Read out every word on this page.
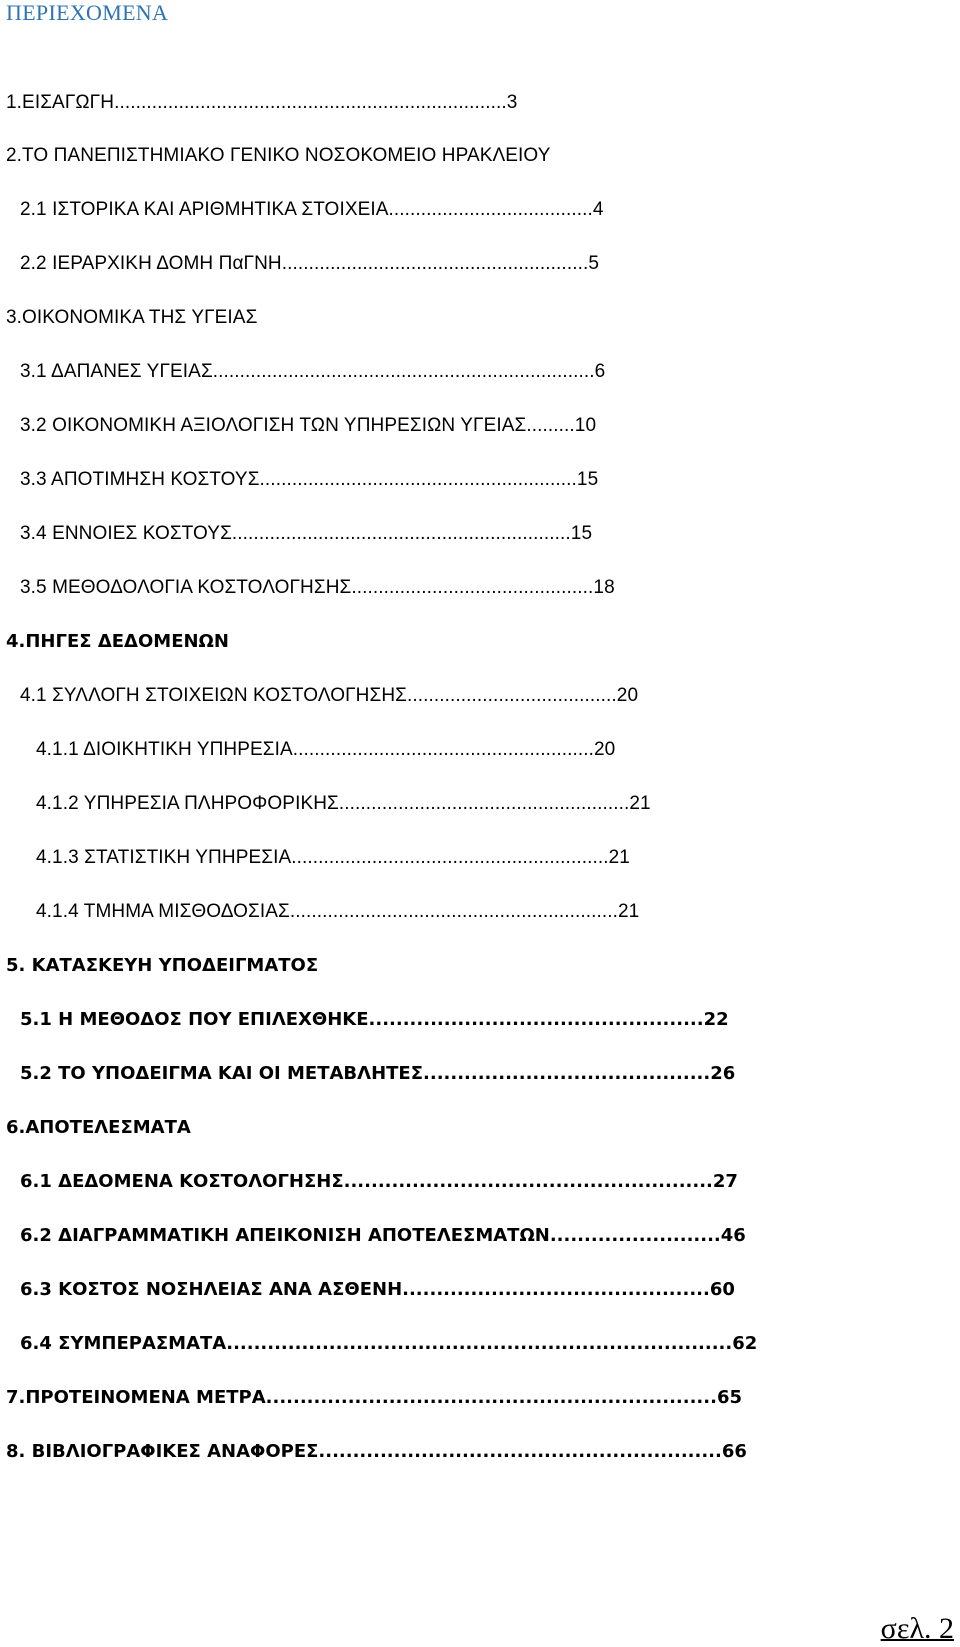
ΠΕΡΙΕΧΟΜΕΝΑ
1.ΕΙΣΑΓΩΓΗ.........................................................................3
2.ΤΟ ΠΑΝΕΠΙΣΤΗΜΙΑΚΟ ΓΕΝΙΚΟ ΝΟΣΟΚΟΜΕΙΟ ΗΡΑΚΛΕΙΟΥ
2.1 ΙΣΤΟΡΙΚΑ ΚΑΙ ΑΡΙΘΜΗΤΙΚΑ ΣΤΟΙΧΕΙΑ......................................4
2.2 ΙΕΡΑΡΧΙΚΗ ΔΟΜΗ ΠαΓΝΗ.........................................................5
3.ΟΙΚΟΝΟΜΙΚΑ ΤΗΣ ΥΓΕΙΑΣ
3.1 ΔΑΠΑΝΕΣ ΥΓΕΙΑΣ.......................................................................6
3.2 ΟΙΚΟΝΟΜΙΚΗ ΑΞΙΟΛΟΓΙΣΗ ΤΩΝ ΥΠΗΡΕΣΙΩΝ ΥΓΕΙΑΣ.........10
3.3 ΑΠΟΤΙΜΗΣΗ ΚΟΣΤΟΥΣ...........................................................15
3.4 ΕΝΝΟΙΕΣ ΚΟΣΤΟΥΣ...............................................................15
3.5 ΜΕΘΟΔΟΛΟΓΙΑ ΚΟΣΤΟΛΟΓΗΣΗΣ.............................................18
4.ΠΗΓΕΣ ΔΕΔΟΜΕΝΩΝ
4.1 ΣΥΛΛΟΓΗ ΣΤΟΙΧΕΙΩΝ ΚΟΣΤΟΛΟΓΗΣΗΣ.......................................20
4.1.1 ΔΙΟΙΚΗΤΙΚΗ ΥΠΗΡΕΣΙΑ........................................................20
4.1.2 ΥΠΗΡΕΣΙΑ ΠΛΗΡΟΦΟΡΙΚΗΣ......................................................21
4.1.3 ΣΤΑΤΙΣΤΙΚΗ ΥΠΗΡΕΣΙΑ...........................................................21
4.1.4 ΤΜΗΜΑ ΜΙΣΘΟΔΟΣΙΑΣ.............................................................21
5. ΚΑΤΑΣΚΕΥΗ ΥΠΟΔΕΙΓΜΑΤΟΣ
5.1 Η ΜΕΘΟΔΟΣ ΠΟΥ ΕΠΙΛΕΧΘΗΚΕ.................................................22
5.2 ΤΟ ΥΠΟΔΕΙΓΜΑ ΚΑΙ ΟΙ ΜΕΤΑΒΛΗΤΕΣ..........................................26
6.ΑΠΟΤΕΛΕΣΜΑΤΑ
6.1 ΔΕΔΟΜΕΝΑ ΚΟΣΤΟΛΟΓΗΣΗΣ......................................................27
6.2 ΔΙΑΓΡΑΜΜΑΤΙΚΗ ΑΠΕΙΚΟΝΙΣΗ ΑΠΟΤΕΛΕΣΜΑΤΩΝ.........................46
6.3 ΚΟΣΤΟΣ ΝΟΣΗΛΕΙΑΣ ΑΝΑ ΑΣΘΕΝΗ.............................................60
6.4 ΣΥΜΠΕΡΑΣΜΑΤΑ..........................................................................62
7.ΠΡΟΤΕΙΝΟΜΕΝΑ ΜΕΤΡΑ..................................................................65
8. ΒΙΒΛΙΟΓΡΑΦΙΚΕΣ ΑΝΑΦΟΡΕΣ...........................................................66
σελ. 2
